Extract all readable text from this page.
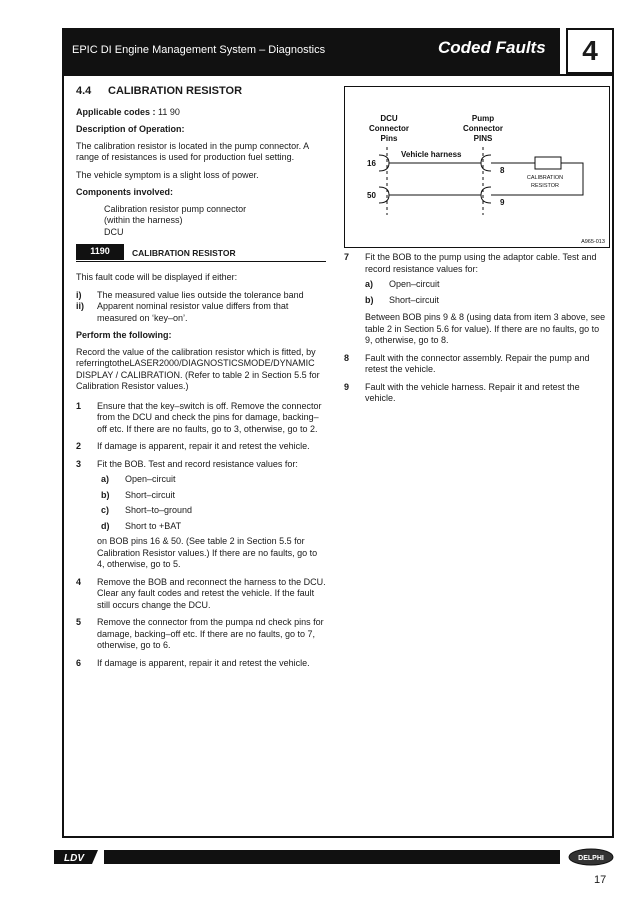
EPIC DI Engine Management System – Diagnostics	Coded Faults	4
4.4 CALIBRATION RESISTOR
Applicable codes : 11 90
Description of Operation:
The calibration resistor is located in the pump connector. A range of resistances is used for production fuel setting.
The vehicle symptom is a slight loss of power.
Components involved:
Calibration resistor pump connector
(within the harness)
DCU
1190	CALIBRATION RESISTOR
This fault code will be displayed if either:
i)	The measured value lies outside the tolerance band
ii)	Apparent nominal resistor value differs from that measured on ‘key–on’.
Perform the following:
Record the value of the calibration resistor which is fitted, by referringtotheLASER2000/DIAGNOSTICSMODE/DYNAMIC DISPLAY / CALIBRATION. (Refer to table 2 in Section 5.5 for Calibration Resistor values.)
1	Ensure that the key–switch is off. Remove the connector from the DCU and check the pins for damage, backing–off etc. If there are no faults, go to 3, otherwise, go to 2.
2	If damage is apparent, repair it and retest the vehicle.
3	Fit the BOB. Test and record resistance values for:
a)	Open–circuit
b)	Short–circuit
c)	Short–to–ground
d)	Short to +BAT
on BOB pins 16 & 50. (See table 2 in Section 5.5 for Calibration Resistor values.) If there are no faults, go to 4, otherwise, go to 5.
4	Remove the BOB and reconnect the harness to the DCU. Clear any fault codes and retest the vehicle. If the fault still occurs change the DCU.
5	Remove the connector from the pumpa nd check pins for damage, backing–off etc. If there are no faults, go to 7, otherwise, go to 6.
6	If damage is apparent, repair it and retest the vehicle.
DCU
Connector
Pins
Pump
Connector
PINS
Vehicle harness
16
50
8
9
CALIBRATION
RESISTOR
A965-013
7	Fit the BOB to the pump using the adaptor cable. Test and record resistance values for:
a)	Open–circuit
b)	Short–circuit
Between BOB pins 9 & 8 (using data from item 3 above, see table 2 in Section 5.6 for value). If there are no faults, go to 9, otherwise, go to 8.
8	Fault with the connector assembly. Repair the pump and retest the vehicle.
9	Fault with the vehicle harness. Repair it and retest the vehicle.
LDV	DELPHI
17
